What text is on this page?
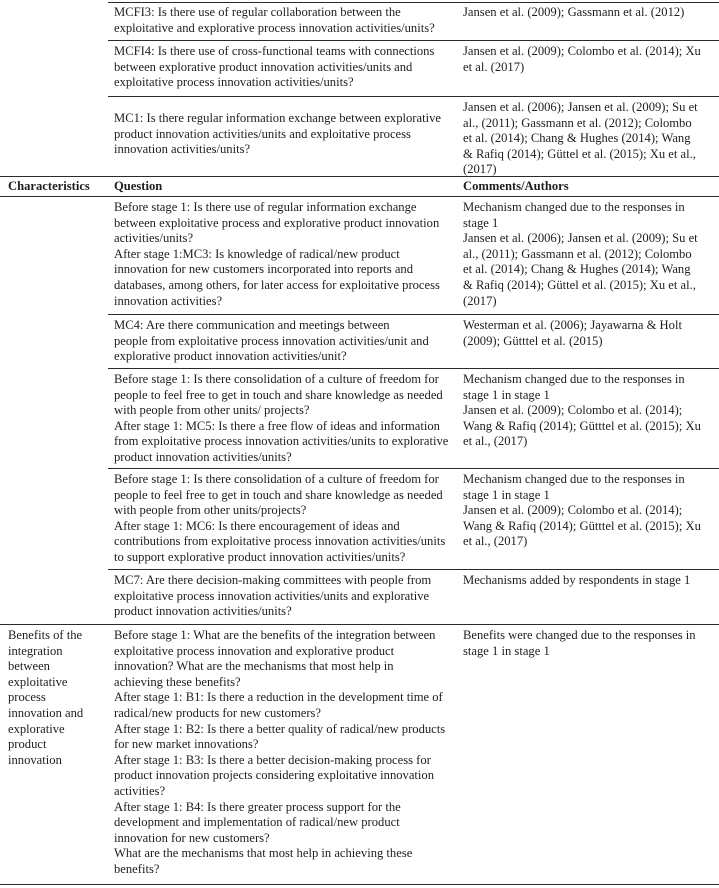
MCFI3: Is there use of regular collaboration between the
exploitative and explorative process innovation activities/units?
Jansen et al. (2009); Gassmann et al. (2012)
MCFI4: Is there use of cross-functional teams with connections
between explorative product innovation activities/units and
exploitative process innovation activities/units?
Jansen et al. (2009); Colombo et al. (2014); Xu
et al. (2017)
MC1: Is there regular information exchange between explorative
product innovation activities/units and exploitative process
innovation activities/units?
Jansen et al. (2006); Jansen et al. (2009); Su et
al., (2011); Gassmann et al. (2012); Colombo
et al. (2014); Chang & Hughes (2014); Wang
& Rafiq (2014); Güttel et al. (2015); Xu et al.,
(2017)
Characteristics	Question	Comments/Authors
Before stage 1: Is there use of regular information exchange
between exploitative process and explorative product innovation
activities/units?
After stage 1:MC3: Is knowledge of radical/new product
innovation for new customers incorporated into reports and
databases, among others, for later access for exploitative process
innovation activities?
Mechanism changed due to the responses in
stage 1
Jansen et al. (2006); Jansen et al. (2009); Su et
al., (2011); Gassmann et al. (2012); Colombo
et al. (2014); Chang & Hughes (2014); Wang
& Rafiq (2014); Güttel et al. (2015); Xu et al.,
(2017)
MC4: Are there communication and meetings between
people from exploitative process innovation activities/unit and
explorative product innovation activities/unit?
Westerman et al. (2006); Jayawarna & Holt
(2009); Gütttel et al. (2015)
Before stage 1: Is there consolidation of a culture of freedom for
people to feel free to get in touch and share knowledge as needed
with people from other units/ projects?
After stage 1: MC5: Is there a free flow of ideas and information
from exploitative process innovation activities/units to explorative
product innovation activities/units?
Mechanism changed due to the responses in
stage 1 in stage 1
Jansen et al. (2009); Colombo et al. (2014);
Wang & Rafiq (2014); Gütttel et al. (2015); Xu
et al., (2017)
Before stage 1: Is there consolidation of a culture of freedom for
people to feel free to get in touch and share knowledge as needed
with people from other units/projects?
After stage 1: MC6: Is there encouragement of ideas and
contributions from exploitative process innovation activities/units
to support explorative product innovation activities/units?
Mechanism changed due to the responses in
stage 1 in stage 1
Jansen et al. (2009); Colombo et al. (2014);
Wang & Rafiq (2014); Gütttel et al. (2015); Xu
et al., (2017)
MC7: Are there decision-making committees with people from
exploitative process innovation activities/units and explorative
product innovation activities/units?
Mechanisms added by respondents in stage 1
Benefits of the
integration
between
exploitative
process
innovation and
explorative
product
innovation
Before stage 1: What are the benefits of the integration between
exploitative process innovation and explorative product
innovation? What are the mechanisms that most help in
achieving these benefits?
After stage 1: B1: Is there a reduction in the development time of
radical/new products for new customers?
After stage 1: B2: Is there a better quality of radical/new products
for new market innovations?
After stage 1: B3: Is there a better decision-making process for
product innovation projects considering exploitative innovation
activities?
After stage 1: B4: Is there greater process support for the
development and implementation of radical/new product
innovation for new customers?
What are the mechanisms that most help in achieving these
benefits?
Benefits were changed due to the responses in
stage 1 in stage 1
